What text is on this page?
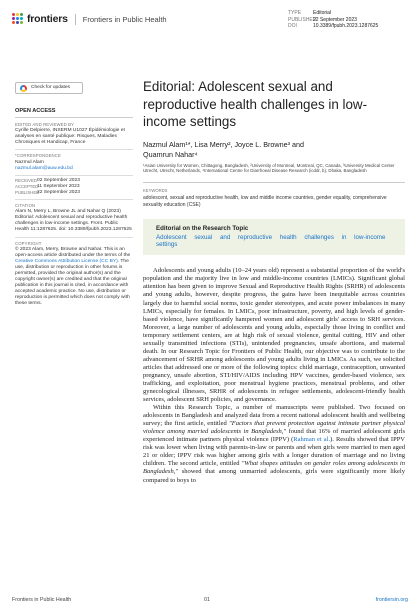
frontiers Frontiers in Public Health
TYPE	Editorial
PUBLISHED
22 September 2023
DOI	10.3389/fpubh.2023.1287625
Check for updates
OPEN ACCESS
EDITED AND REVIEWED BY
Cyrille Delpierre, INSERM U1027 Épidémiologie et analyses en santé publique: Risques, Maladies Chroniques et Handicap, France
*CORRESPONDENCE
Nazmul Alam
nazmul.alam@auw.edu.bd
RECEIVED 02 September 2023
ACCEPTED
11 September 2023
PUBLISHED
22 September 2023
CITATION
Alam N, Merry L, Browne JL and Nahar Q (2023) Editorial: Adolescent sexual and reproductive health challenges in low-income settings. Front. Public Health 11:1287625. doi: 10.3389/fpubh.2023.1287625
COPYRIGHT
© 2023 Alam, Merry, Browne and Nahar. This is an open-access article distributed under the terms of the Creative Commons Attribution License (CC BY). The use, distribution or reproduction in other forums is permitted, provided the original author(s) and the copyright owner(s) are credited and that the original publication in this journal is cited, in accordance with accepted academic practice. No use, distribution or reproduction is permitted which does not comply with these terms.
Editorial: Adolescent sexual and reproductive health challenges in low-income settings
Nazmul Alam¹*, Lisa Merry², Joyce L. Browne³ and
Quamrun Nahar⁴
¹Asian University for Women, Chittagong, Bangladesh, ²University of Montreal, Montreal, QC, Canada, ³University Medical Center Utrecht, Utrecht, Netherlands, ⁴International Centre for Diarrhoeal Disease Research (icddr, b), Dhaka, Bangladesh
KEYWORDS
adolescent, sexual and reproductive health, low and middle income countries, gender equality, comprehensive sexuality education (CSE)
Editorial on the Research Topic
Adolescent sexual and reproductive health challenges in low-income settings

Adolescents and young adults (10–24 years old) represent a substantial proportion of the world's population and the majority live in low and middle-income countries (LMICs). Significant global attention has been given to improve Sexual and Reproductive Health Rights (SRHR) of adolescents and young adults, however, despite progress, the gains have been inequitable across countries largely due to harmful social norms, toxic gender stereotypes, and acute power imbalances in many LMICs, especially for females. In LMICs, poor infrastructure, poverty, and high levels of gender-based violence, have significantly hampered women and adolescent girls' access to SRH services. Moreover, a large number of adolescents and young adults, especially those living in conflict and temporary settlement centers, are at high risk of sexual violence, genital cutting, HIV and other sexually transmitted infections (STIs), unintended pregnancies, unsafe abortions, and maternal death. In our Research Topic for Frontiers of Public Health, our objective was to contribute to the advancement of SRHR among adolescents and young adults living in LMICs. As such, we solicited articles that addressed one or more of the following topics: child marriage, contraception, unwanted pregnancy, unsafe abortion, STI/HIV/AIDS including HPV vaccines, gender-based violence, sex trafficking, and exploitation, poor menstrual hygiene practices, menstrual problems, and other gynecological illnesses, SRHR of adolescents in refugee settlements, adolescent-friendly health services, adolescent SRH policies, and governance.

Within this Research Topic, a number of manuscripts were published. Two focused on adolescents in Bangladesh and analyzed data from a recent national adolescent health and wellbeing survey; the first article, entitled "Factors that prevent protection against intimate partner physical violence among married adolescents in Bangladesh," found that 16% of married adolescent girls experienced intimate partners physical violence (IPPV) (Rahman et al.). Results showed that IPPV risk was lower when living with parents-in-law or parents and when girls were married to men aged 21 or older; IPPV risk was higher among girls with a longer duration of marriage and no living children. The second article, entitled "What shapes attitudes on gender roles among adolescents in Bangladesh," showed that among unmarried adolescents, girls were significantly more likely compared to boys to

Frontiers in Public Health	01	frontiersin.org
